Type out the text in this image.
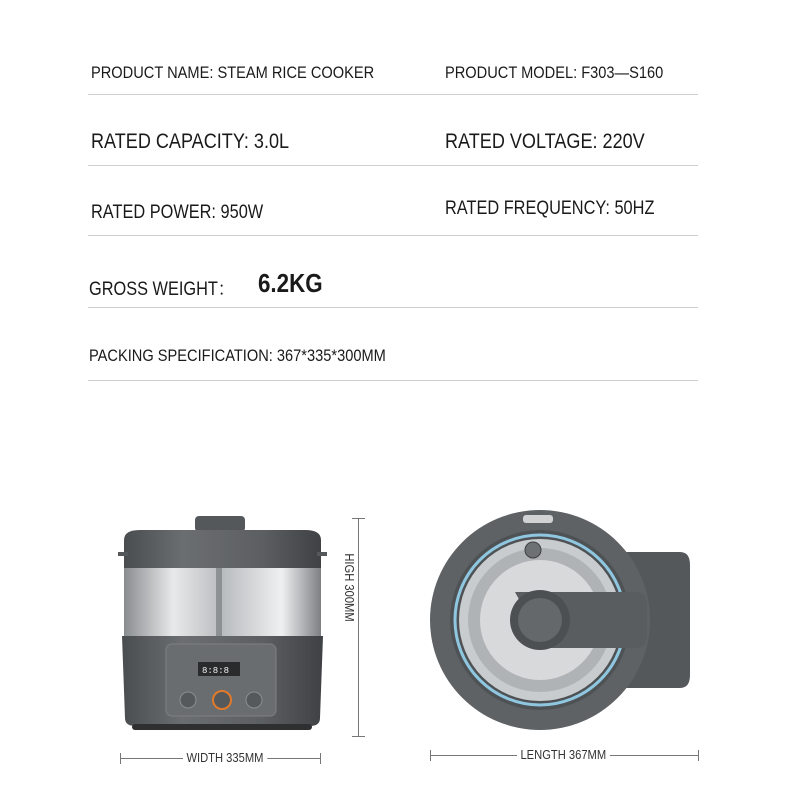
PRODUCT NAME: STEAM RICE COOKER	PRODUCT MODEL: F303—S160
RATED CAPACITY: 3.0L	RATED VOLTAGE: 220V
RATED POWER: 950W	RATED FREQUENCY: 50HZ
GROSS WEIGHT： 6.2KG
PACKING SPECIFICATION: 367*335*300MM
8:8:8
HIGH 300MM
WIDTH 335MM	LENGTH 367MM
